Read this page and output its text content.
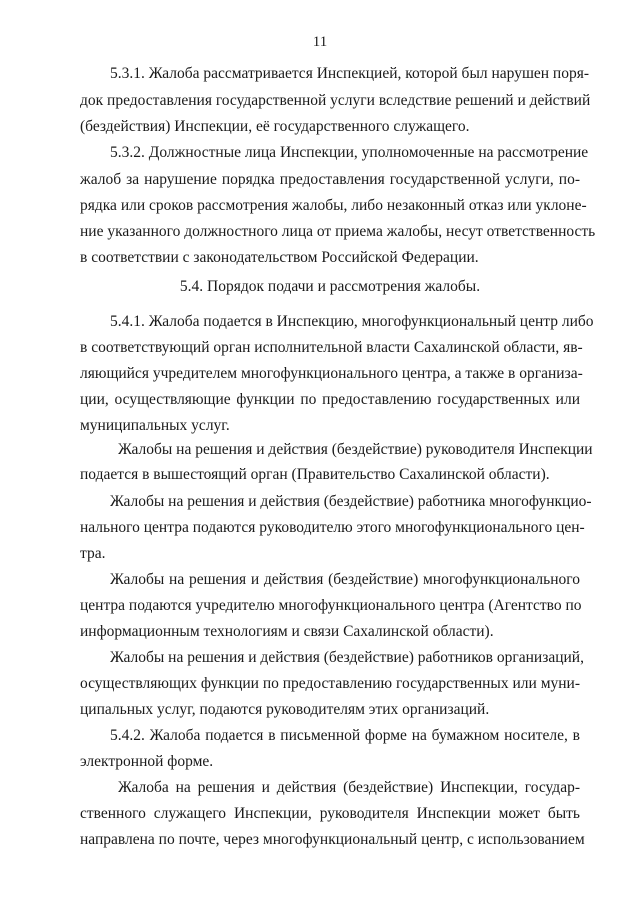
11
5.3.1. Жалоба рассматривается Инспекцией, которой был нарушен поря-
док предоставления государственной услуги вследствие решений и действий
(бездействия) Инспекции, её государственного служащего.
5.3.2. Должностные лица Инспекции, уполномоченные на рассмотрение
жалоб за нарушение порядка предоставления государственной услуги, по-
рядка или сроков рассмотрения жалобы, либо незаконный отказ или уклоне-
ние указанного должностного лица от приема жалобы, несут ответственность
в соответствии с законодательством Российской Федерации.
5.4. Порядок подачи и рассмотрения жалобы.
5.4.1. Жалоба подается в Инспекцию, многофункциональный центр либо
в соответствующий орган исполнительной власти Сахалинской области, яв-
ляющийся учредителем многофункционального центра, а также в организа-
ции, осуществляющие функции по предоставлению государственных или
муниципальных услуг.
Жалобы на решения и действия (бездействие) руководителя Инспекции
подается в вышестоящий орган (Правительство Сахалинской области).
Жалобы на решения и действия (бездействие) работника многофункцио-
нального центра подаются руководителю этого многофункционального цен-
тра.
Жалобы на решения и действия (бездействие) многофункционального
центра подаются учредителю многофункционального центра (Агентство по
информационным технологиям и связи Сахалинской области).
Жалобы на решения и действия (бездействие) работников организаций,
осуществляющих функции по предоставлению государственных или муни-
ципальных услуг, подаются руководителям этих организаций.
5.4.2. Жалоба подается в письменной форме на бумажном носителе, в
электронной форме.
Жалоба на решения и действия (бездействие) Инспекции, государ-
ственного служащего Инспекции, руководителя Инспекции может быть
направлена по почте, через многофункциональный центр, с использованием
